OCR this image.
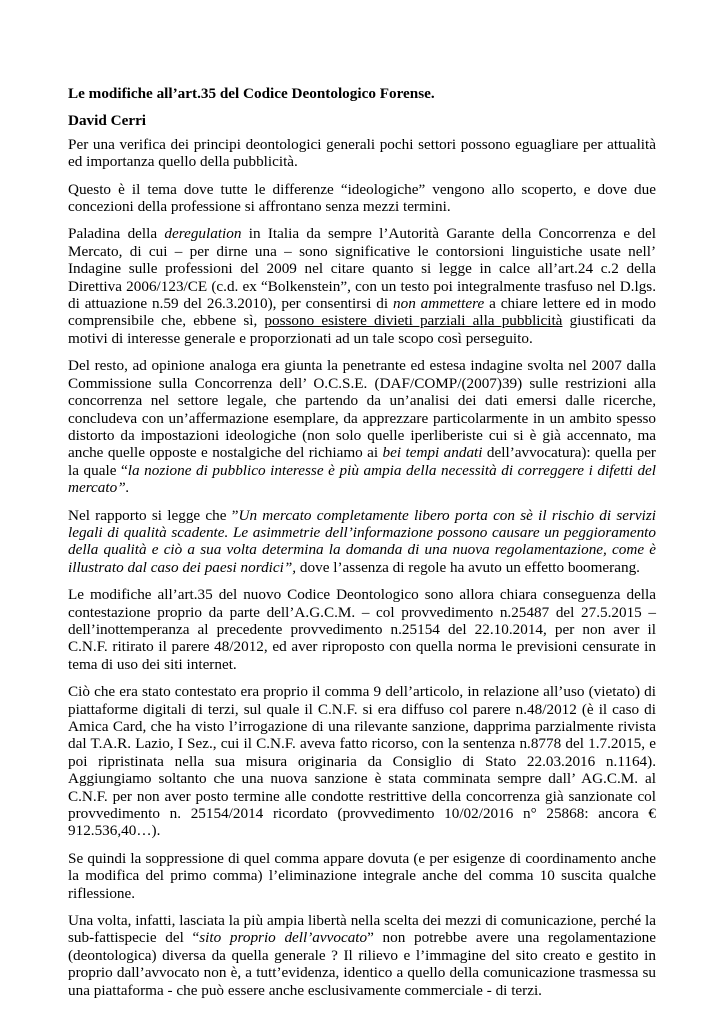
Le modifiche all’art.35 del Codice Deontologico Forense.

David Cerri

Per una verifica dei principi deontologici generali pochi settori possono eguagliare per attualità ed importanza quello della pubblicità.

Questo è il tema dove tutte le differenze “ideologiche” vengono allo scoperto, e dove due concezioni della professione si affrontano senza mezzi termini.

Paladina della deregulation in Italia da sempre l’Autorità Garante della Concorrenza e del Mercato, di cui – per dirne una – sono significative le contorsioni linguistiche usate nell’ Indagine sulle professioni del 2009 nel citare quanto si legge in calce all’art.24 c.2 della Direttiva 2006/123/CE (c.d. ex “Bolkenstein”, con un testo poi integralmente trasfuso nel D.lgs. di attuazione n.59 del 26.3.2010), per consentirsi di non ammettere a chiare lettere ed in modo comprensibile che, ebbene sì, possono esistere divieti parziali alla pubblicità giustificati da motivi di interesse generale e proporzionati ad un tale scopo così perseguito.

Del resto, ad opinione analoga era giunta la penetrante ed estesa indagine svolta nel 2007 dalla Commissione sulla Concorrenza dell’ O.C.S.E. (DAF/COMP/(2007)39) sulle restrizioni alla concorrenza nel settore legale, che partendo da un’analisi dei dati emersi dalle ricerche, concludeva con un’affermazione esemplare, da apprezzare particolarmente in un ambito spesso distorto da impostazioni ideologiche (non solo quelle iperliberiste cui si è già accennato, ma anche quelle opposte e nostalgiche del richiamo ai bei tempi andati dell’avvocatura): quella per la quale “la nozione di pubblico interesse è più ampia della necessità di correggere i difetti del mercato”.

Nel rapporto si legge che ”Un mercato completamente libero porta con sè il rischio di servizi legali di qualità scadente. Le asimmetrie dell’informazione possono causare un peggioramento della qualità e ciò a sua volta determina la domanda di una nuova regolamentazione, come è illustrato dal caso dei paesi nordici”, dove l’assenza di regole ha avuto un effetto boomerang.

Le modifiche all’art.35 del nuovo Codice Deontologico sono allora chiara conseguenza della contestazione proprio da parte dell’A.G.C.M. – col provvedimento n.25487 del 27.5.2015 – dell’inottemperanza al precedente provvedimento n.25154 del 22.10.2014, per non aver il C.N.F. ritirato il parere 48/2012, ed aver riproposto con quella norma le previsioni censurate in tema di uso dei siti internet.

Ciò che era stato contestato era proprio il comma 9 dell’articolo, in relazione all’uso (vietato) di piattaforme digitali di terzi, sul quale il C.N.F. si era diffuso col parere n.48/2012 (è il caso di Amica Card, che ha visto l’irrogazione di una rilevante sanzione, dapprima parzialmente rivista dal T.A.R. Lazio, I Sez., cui il C.N.F. aveva fatto ricorso, con la sentenza n.8778 del 1.7.2015, e poi ripristinata nella sua misura originaria da Consiglio di Stato 22.03.2016 n.1164). Aggiungiamo soltanto che una nuova sanzione è stata comminata sempre dall’ AG.C.M. al C.N.F. per non aver posto termine alle condotte restrittive della concorrenza già sanzionate col provvedimento n. 25154/2014 ricordato (provvedimento 10/02/2016 n° 25868: ancora € 912.536,40…).

Se quindi la soppressione di quel comma appare dovuta (e per esigenze di coordinamento anche la modifica del primo comma) l’eliminazione integrale anche del comma 10 suscita qualche riflessione.

Una volta, infatti, lasciata la più ampia libertà nella scelta dei mezzi di comunicazione, perché la sub-fattispecie del “sito proprio dell’avvocato” non potrebbe avere una regolamentazione (deontologica) diversa da quella generale ? Il rilievo e l’immagine del sito creato e gestito in proprio dall’avvocato non è, a tutt’evidenza, identico a quello della comunicazione trasmessa su una piattaforma - che può essere anche esclusivamente commerciale - di terzi.
